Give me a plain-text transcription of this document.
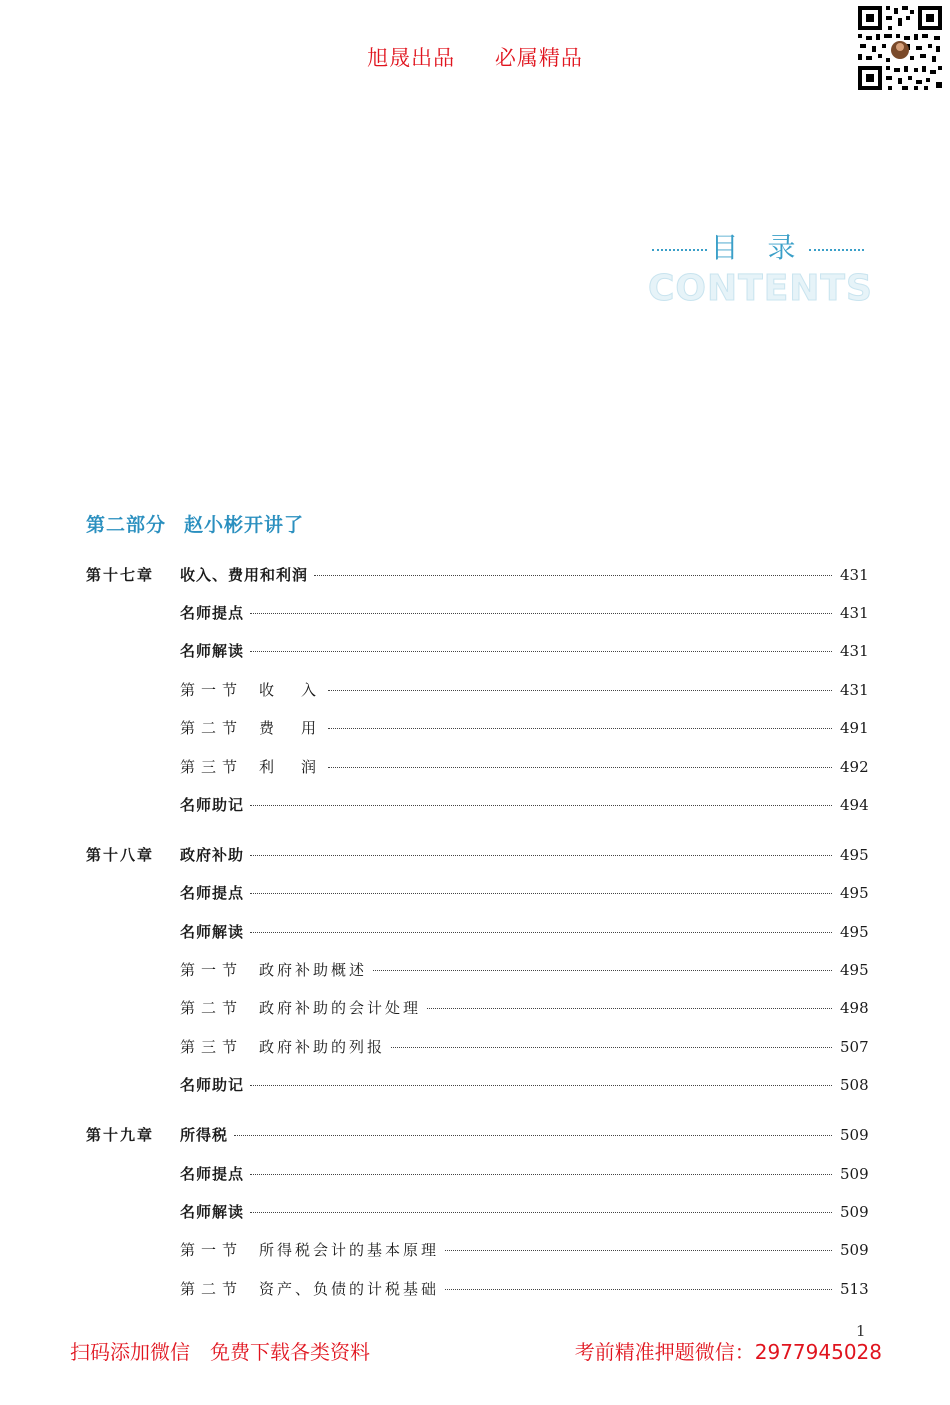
旭晟出品 必属精品
目 录
CONTENTS
第二部分 赵小彬开讲了
第十七章 收入、费用和利润	431
名师提点	431
名师解读	431
第一节 收　入	431
第二节 费　用	491
第三节 利　润	492
名师助记	494
第十八章 政府补助	495
名师提点	495
名师解读	495
第一节 政府补助概述	495
第二节 政府补助的会计处理	498
第三节 政府补助的列报	507
名师助记	508
第十九章 所得税	509
名师提点	509
名师解读	509
第一节 所得税会计的基本原理	509
第二节 资产、负债的计税基础	513
1
扫码添加微信　免费下载各类资料	考前精准押题微信：2977945028
